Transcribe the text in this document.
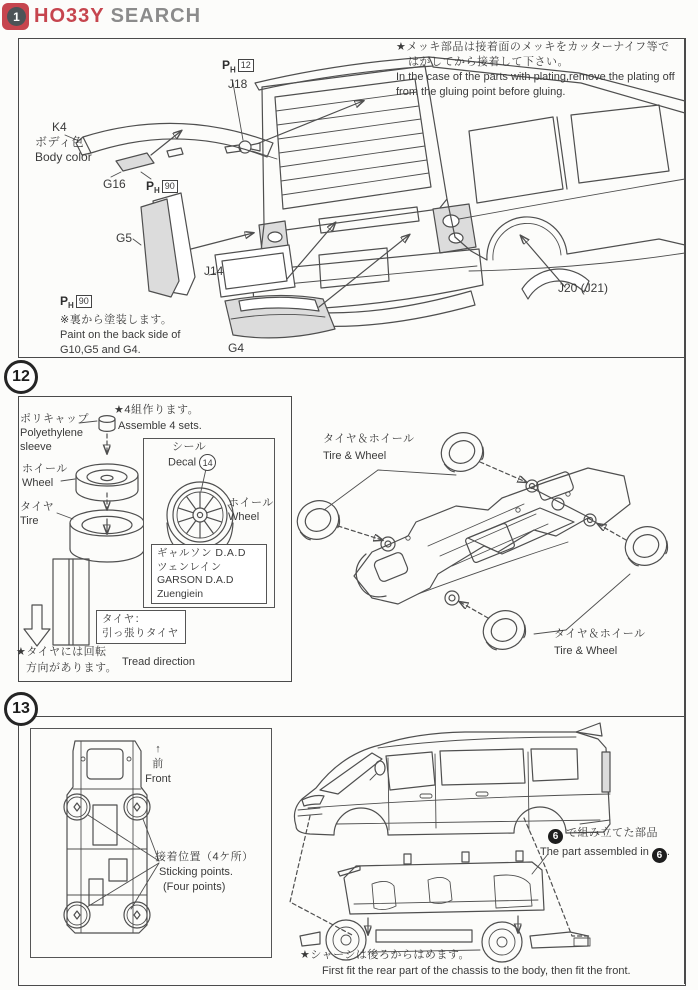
1 HO33Y SEARCH
★メッキ部品は接着面のメッキをカッターナイフ等で
はがしてから接着して下さい。
In the case of the parts with plating,remove the plating off
from the gluing point before gluing.
$P_H$ 12
J18
K4
ボディ色
Body color
G16 $P_H$ 90
G5
J14
$P_H$ 90
※裏から塗装します。
Paint on the back side of
G10,G5 and G4.	G4
J20 (J21)
12
★4組作ります。
Assemble 4 sets.
ポリキャップ
Polyethylene
sleeve
ホイール
Wheel
タイヤ
Tire
シール
Decal 14
ホイール
Wheel
ギャルソン D.A.D
ツェンレイン
GARSON D.A.D
Zuengiein
タイヤ：
引っ張りタイヤ
★タイヤには回転
方向があります。 Tread direction
タイヤ＆ホイール
Tire & Wheel
タイヤ＆ホイール
Tire & Wheel
13
↑
前
Front
接着位置（4ケ所）
Sticking points.
(Four points)
6 で組み立てた部品
The part assembled in 6 .
★シャーシは後ろからはめます。
First fit the rear part of the chassis to the body, then fit the front.
